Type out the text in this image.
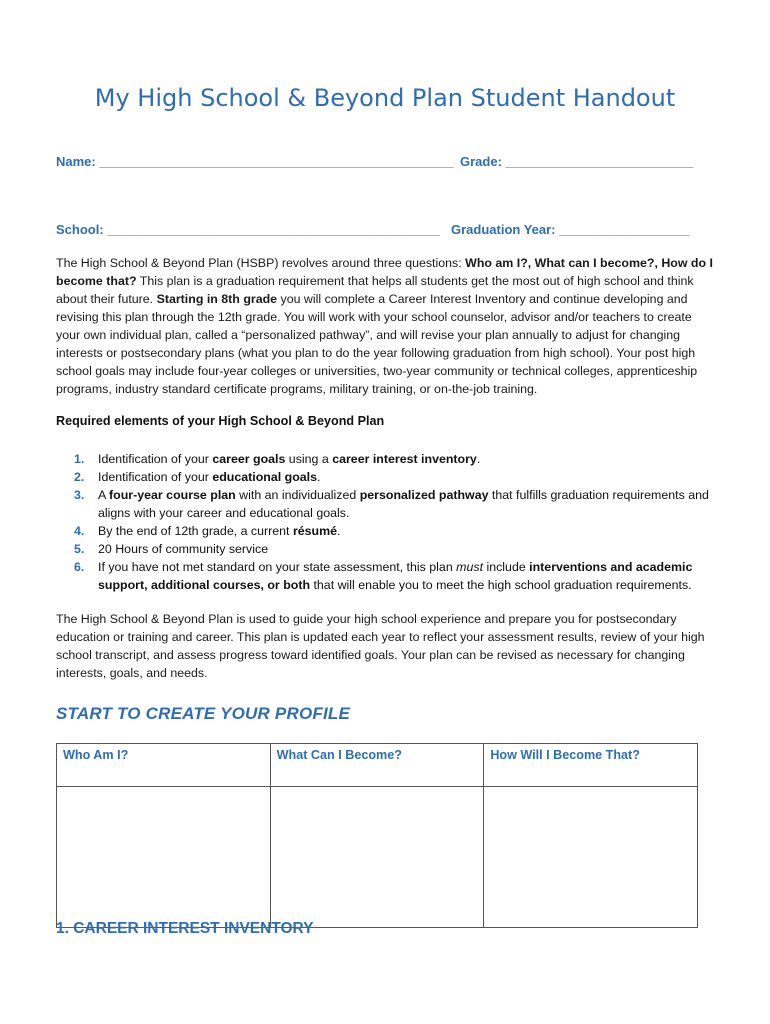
My High School & Beyond Plan Student Handout
Name: _________________________________________________ Grade: __________________________
School: ______________________________________________ Graduation Year: __________________
The High School & Beyond Plan (HSBP) revolves around three questions: Who am I?, What can I become?, How do I become that? This plan is a graduation requirement that helps all students get the most out of high school and think about their future. Starting in 8th grade you will complete a Career Interest Inventory and continue developing and revising this plan through the 12th grade. You will work with your school counselor, advisor and/or teachers to create your own individual plan, called a “personalized pathway”, and will revise your plan annually to adjust for changing interests or postsecondary plans (what you plan to do the year following graduation from high school). Your post high school goals may include four-year colleges or universities, two-year community or technical colleges, apprenticeship programs, industry standard certificate programs, military training, or on-the-job training.
Required elements of your High School & Beyond Plan
1. Identification of your career goals using a career interest inventory.
2. Identification of your educational goals.
3. A four-year course plan with an individualized personalized pathway that fulfills graduation requirements and aligns with your career and educational goals.
4. By the end of 12th grade, a current résumé.
5. 20 Hours of community service
6. If you have not met standard on your state assessment, this plan must include interventions and academic support, additional courses, or both that will enable you to meet the high school graduation requirements.
The High School & Beyond Plan is used to guide your high school experience and prepare you for postsecondary education or training and career. This plan is updated each year to reflect your assessment results, review of your high school transcript, and assess progress toward identified goals. Your plan can be revised as necessary for changing interests, goals, and needs.
START TO CREATE YOUR PROFILE
Who Am I?	What Can I Become?	How Will I Become That?

1. CAREER INTEREST INVENTORY
